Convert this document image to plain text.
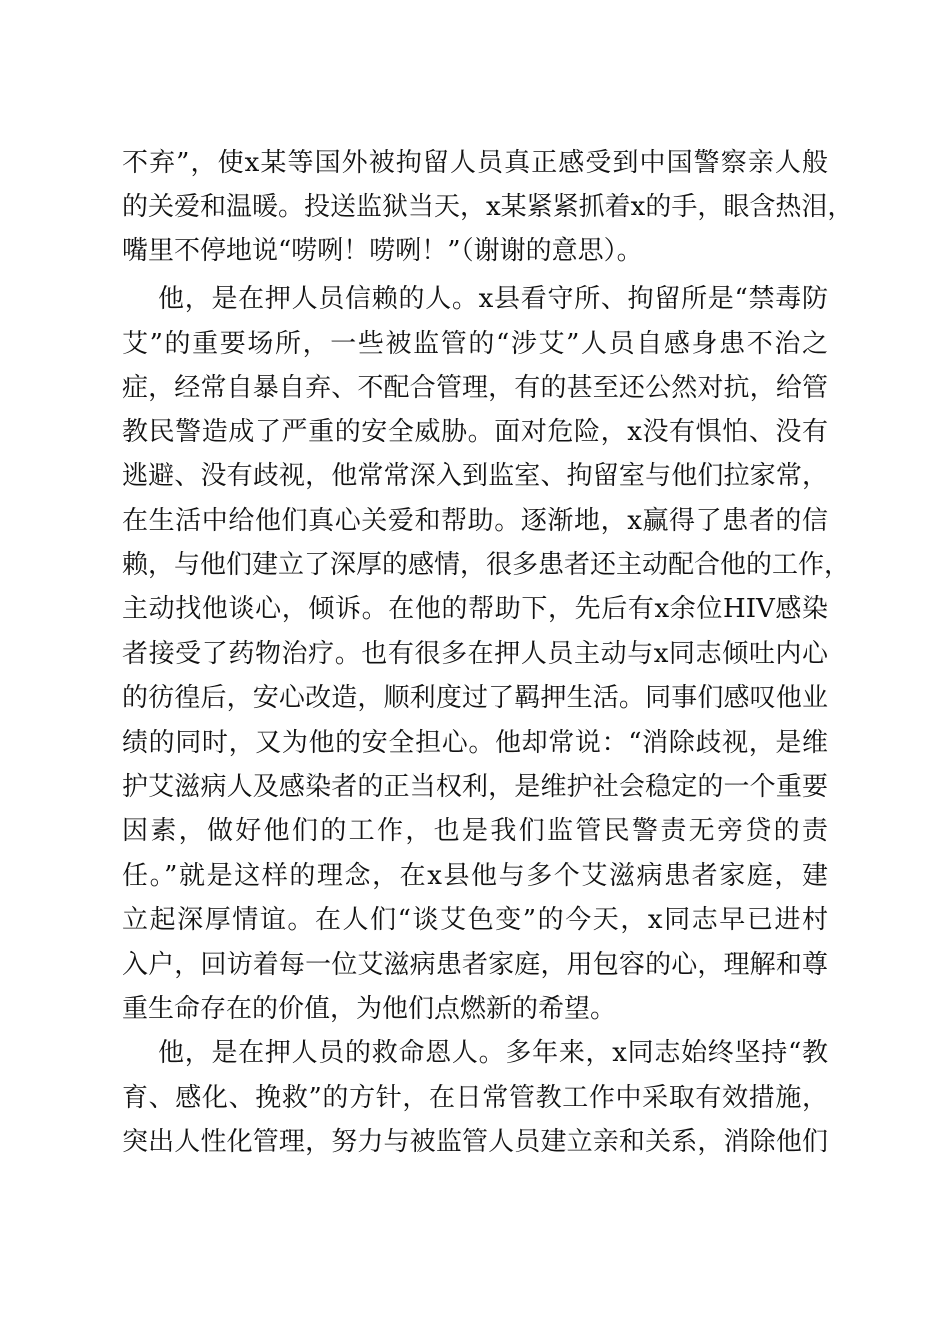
不弃”，使x某等国外被拘留人员真正感受到中国警察亲人般
的关爱和温暖。投送监狱当天，x某紧紧抓着x的手，眼含热泪，
嘴里不停地说“唠咧！唠咧！”（谢谢的意思）。
他，是在押人员信赖的人。x县看守所、拘留所是“禁毒防
艾”的重要场所，一些被监管的“涉艾”人员自感身患不治之
症，经常自暴自弃、不配合管理，有的甚至还公然对抗，给管
教民警造成了严重的安全威胁。面对危险，x没有惧怕、没有
逃避、没有歧视，他常常深入到监室、拘留室与他们拉家常，
在生活中给他们真心关爱和帮助。逐渐地，x赢得了患者的信
赖，与他们建立了深厚的感情，很多患者还主动配合他的工作，
主动找他谈心，倾诉。在他的帮助下，先后有x余位HIV感染
者接受了药物治疗。也有很多在押人员主动与x同志倾吐内心
的彷徨后，安心改造，顺利度过了羁押生活。同事们感叹他业
绩的同时，又为他的安全担心。他却常说：“消除歧视，是维
护艾滋病人及感染者的正当权利，是维护社会稳定的一个重要
因素，做好他们的工作，也是我们监管民警责无旁贷的责
任。”就是这样的理念，在x县他与多个艾滋病患者家庭，建
立起深厚情谊。在人们“谈艾色变”的今天，x同志早已进村
入户，回访着每一位艾滋病患者家庭，用包容的心，理解和尊
重生命存在的价值，为他们点燃新的希望。
他，是在押人员的救命恩人。多年来，x同志始终坚持“教
育、感化、挽救”的方针，在日常管教工作中采取有效措施，
突出人性化管理，努力与被监管人员建立亲和关系，消除他们
